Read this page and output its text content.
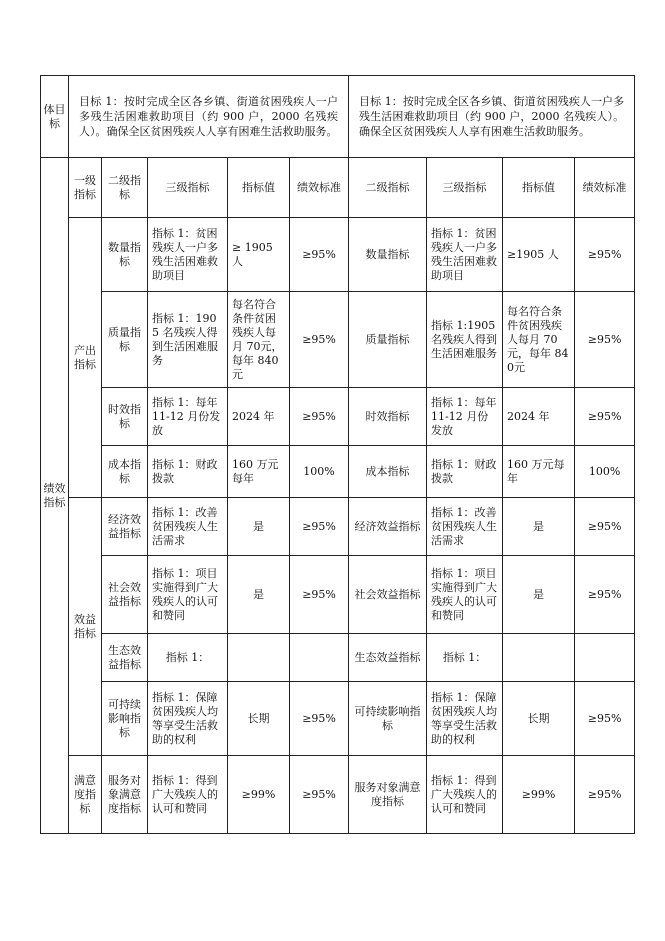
体目标	目标 1：按时完成全区各乡镇、街道贫困残疾人一户多残生活困难救助项目（约 900 户，2000 名残疾人）。确保全区贫困残疾人人享有困难生活救助服务。					目标 1：按时完成全区各乡镇、街道贫困残疾人一户多残生活困难救助项目（约 900 户，2000 名残疾人）。确保全区贫困残疾人人享有困难生活救助服务。			
绩效指标	一级指标	二级指标	三级指标	指标值	绩效标准	二级指标	三级指标	指标值	绩效标准
	产出指标	数量指标	指标 1：贫困残疾人一户多残生活困难救助项目	≥ 1905 人	≥95%	数量指标	指标 1：贫困残疾人一户多残生活困难救助项目	≥1905 人	≥95%
		质量指标	指标 1：1905 名残疾人得到生活困难服务	每名符合条件贫困残疾人每月 70元，每年 840元	≥95%	质量指标	指标 1:1905 名残疾人得到生活困难服务	每名符合条件贫困残疾人每月 70 元，每年 840元	≥95%
		时效指标	指标 1：每年 11-12 月份发放	2024 年	≥95%	时效指标	指标 1：每年 11-12 月份发放	2024 年	≥95%
		成本指标	指标 1：财政拨款	160 万元每年	100%	成本指标	指标 1：财政拨款	160 万元每年	100%
	效益指标	经济效益指标	指标 1：改善贫困残疾人生活需求	是	≥95%	经济效益指标	指标 1：改善贫困残疾人生活需求	是	≥95%
		社会效益指标	指标 1：项目实施得到广大残疾人的认可和赞同	是	≥95%	社会效益指标	指标 1：项目实施得到广大残疾人的认可和赞同	是	≥95%
		生态效益指标	指标 1：			生态效益指标	指标 1：		
		可持续影响指标	指标 1：保障贫困残疾人均等享受生活救助的权利	长期	≥95%	可持续影响指标	指标 1：保障贫困残疾人均等享受生活救助的权利	长期	≥95%
	满意度指标	服务对象满意度指标	指标 1：得到广大残疾人的认可和赞同	≥99%	≥95%	服务对象满意度指标	指标 1：得到广大残疾人的认可和赞同	≥99%	≥95%
